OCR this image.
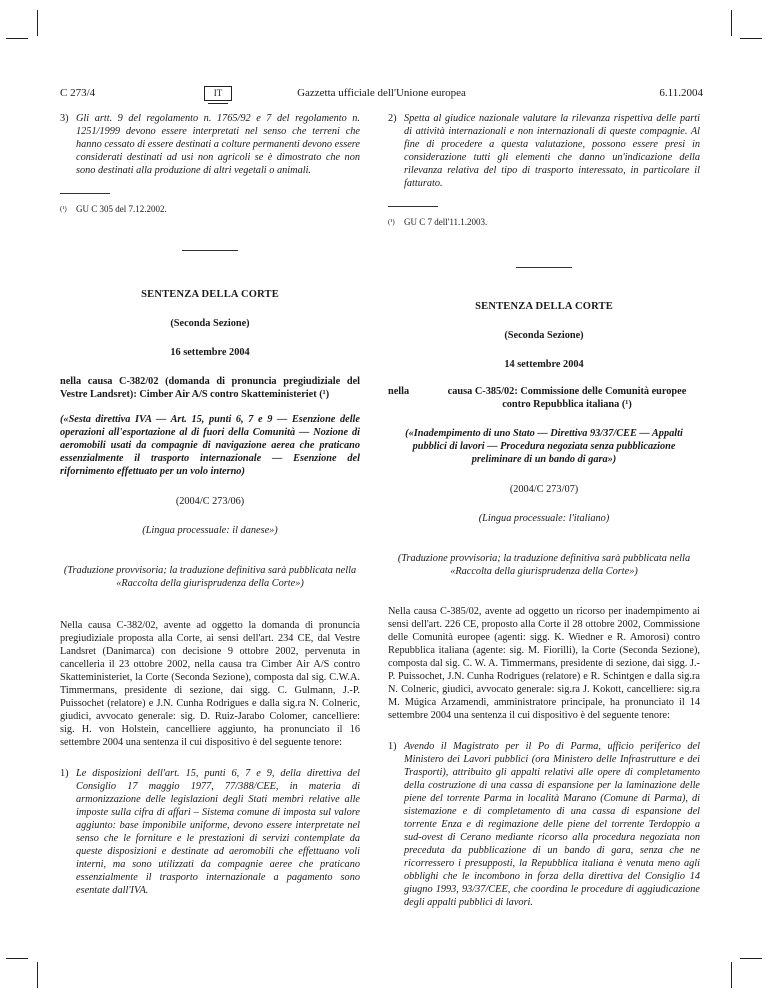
C 273/4	IT	Gazzetta ufficiale dell'Unione europea	6.11.2004
3) Gli artt. 9 del regolamento n. 1765/92 e 7 del regolamento n. 1251/1999 devono essere interpretati nel senso che terreni che hanno cessato di essere destinati a colture permanenti devono essere considerati destinati ad usi non agricoli se è dimostrato che non sono destinati alla produzione di altri vegetali o animali.
(¹)	GU C 305 del 7.12.2002.

SENTENZA DELLA CORTE

(Seconda Sezione)

16 settembre 2004

nella causa C-382/02 (domanda di pronuncia pregiudiziale del Vestre Landsret): Cimber Air A/S contro Skatteministeriet (¹)

(«Sesta direttiva IVA — Art. 15, punti 6, 7 e 9 — Esenzione delle operazioni all'esportazione al di fuori della Comunità — Nozione di aeromobili usati da compagnie di navigazione aerea che praticano essenzialmente il trasporto internazionale — Esenzione del rifornimento effettuato per un volo interno)

(2004/C 273/06)

(Lingua processuale: il danese»)

(Traduzione provvisoria; la traduzione definitiva sarà pubblicata nella «Raccolta della giurisprudenza della Corte»)

Nella causa C-382/02, avente ad oggetto la domanda di pronuncia pregiudiziale proposta alla Corte, ai sensi dell'art. 234 CE, dal Vestre Landsret (Danimarca) con decisione 9 ottobre 2002, pervenuta in cancelleria il 23 ottobre 2002, nella causa tra Cimber Air A/S contro Skatteministeriet, la Corte (Seconda Sezione), composta dal sig. C.W.A. Timmermans, presidente di sezione, dai sigg. C. Gulmann, J.-P. Puissochet (relatore) e J.N. Cunha Rodrigues e dalla sig.ra N. Colneric, giudici, avvocato generale: sig. D. Ruiz-Jarabo Colomer, cancelliere: sig. H. von Holstein, cancelliere aggiunto, ha pronunciato il 16 settembre 2004 una sentenza il cui dispositivo è del seguente tenore:

1) Le disposizioni dell'art. 15, punti 6, 7 e 9, della direttiva del Consiglio 17 maggio 1977, 77/388/CEE, in materia di armonizzazione delle legislazioni degli Stati membri relative alle imposte sulla cifra di affari – Sistema comune di imposta sul valore aggiunto: base imponibile uniforme, devono essere interpretate nel senso che le forniture e le prestazioni di servizi contemplate da queste disposizioni e destinate ad aeromobili che effettuano voli interni, ma sono utilizzati da compagnie aeree che praticano essenzialmente il trasporto internazionale a pagamento sono esentate dall'IVA.
2) Spetta al giudice nazionale valutare la rilevanza rispettiva delle parti di attività internazionali e non internazionali di queste compagnie. Al fine di procedere a questa valutazione, possono essere presi in considerazione tutti gli elementi che danno un'indicazione della rilevanza relativa del tipo di trasporto interessato, in particolare il fatturato.
(¹)	GU C 7 dell'11.1.2003.

SENTENZA DELLA CORTE

(Seconda Sezione)

14 settembre 2004

nella	causa C-385/02: Commissione delle Comunità europee contro Repubblica italiana (¹)

(«Inadempimento di uno Stato — Direttiva 93/37/CEE — Appalti pubblici di lavori — Procedura negoziata senza pubblicazione preliminare di un bando di gara»)

(2004/C 273/07)

(Lingua processuale: l'italiano)

(Traduzione provvisoria; la traduzione definitiva sarà pubblicata nella «Raccolta della giurisprudenza della Corte»)

Nella causa C-385/02, avente ad oggetto un ricorso per inadempimento ai sensi dell'art. 226 CE, proposto alla Corte il 28 ottobre 2002, Commissione delle Comunità europee (agenti: sigg. K. Wiedner e R. Amorosi) contro Repubblica italiana (agente: sig. M. Fiorilli), la Corte (Seconda Sezione), composta dal sig. C. W. A. Timmermans, presidente di sezione, dai sigg. J.-P. Puissochet, J.N. Cunha Rodrigues (relatore) e R. Schintgen e dalla sig.ra N. Colneric, giudici, avvocato generale: sig.ra J. Kokott, cancelliere: sig.ra M. Múgica Arzamendi, amministratore principale, ha pronunciato il 14 settembre 2004 una sentenza il cui dispositivo è del seguente tenore:

1) Avendo il Magistrato per il Po di Parma, ufficio periferico del Ministero dei Lavori pubblici (ora Ministero delle Infrastrutture e dei Trasporti), attribuito gli appalti relativi alle opere di completamento della costruzione di una cassa di espansione per la laminazione delle piene del torrente Parma in località Marano (Comune di Parma), di sistemazione e di completamento di una cassa di espansione del torrente Enza e di regimazione delle piene del torrente Terdoppio a sud-ovest di Cerano mediante ricorso alla procedura negoziata non preceduta da pubblicazione di un bando di gara, senza che ne ricorressero i presupposti, la Repubblica italiana è venuta meno agli obblighi che le incombono in forza della direttiva del Consiglio 14 giugno 1993, 93/37/CEE, che coordina le procedure di aggiudicazione degli appalti pubblici di lavori.
